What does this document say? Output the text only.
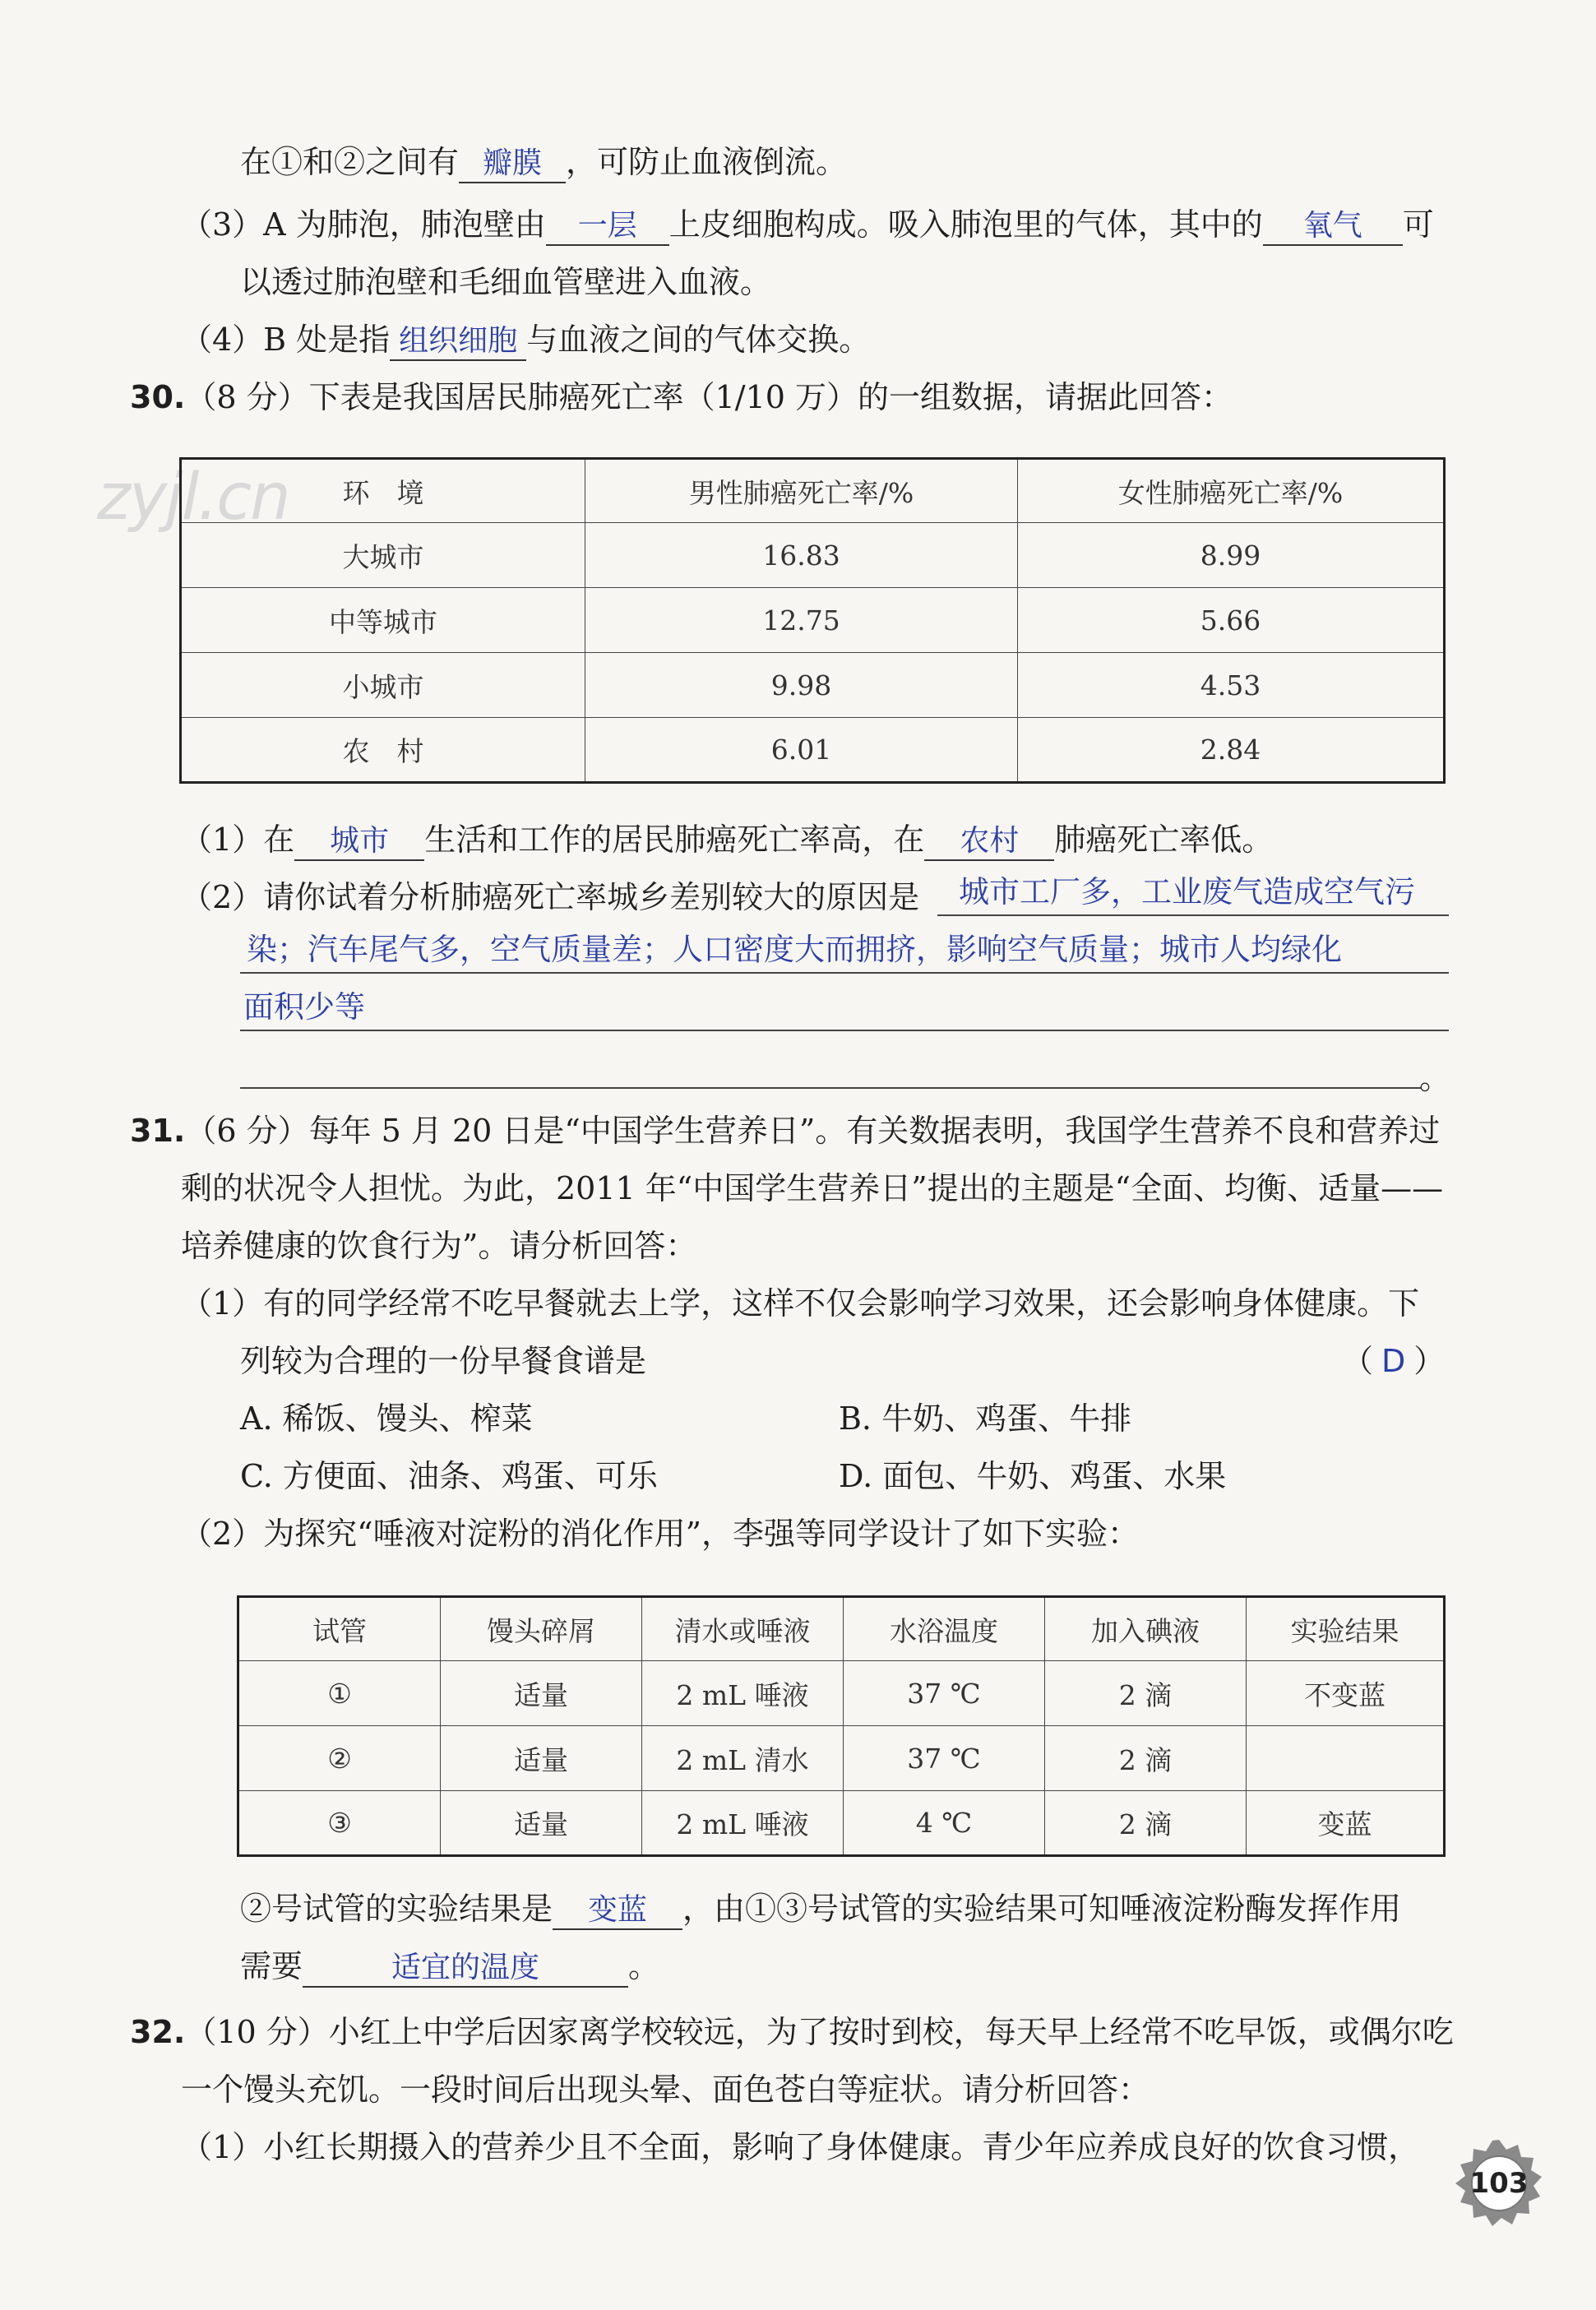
zyjl.cn
在①和②之间有 瓣膜 ，可防止血液倒流。
（3）A 为肺泡，肺泡壁由 一层 上皮细胞构成。吸入肺泡里的气体，其中的 氧气 可
以透过肺泡壁和毛细血管壁进入血液。
（4）B 处是指 组织细胞 与血液之间的气体交换。
30.（8 分）下表是我国居民肺癌死亡率（1/10 万）的一组数据，请据此回答：
环　境	男性肺癌死亡率/%	女性肺癌死亡率/%
大城市	16.83	8.99
中等城市	12.75	5.66
小城市	9.98	4.53
农　村	6.01	2.84
（1）在 城市 生活和工作的居民肺癌死亡率高，在 农村 肺癌死亡率低。
（2）请你试着分析肺癌死亡率城乡差别较大的原因是 城市工厂多，工业废气造成空气污
染；汽车尾气多，空气质量差；人口密度大而拥挤，影响空气质量；城市人均绿化
面积少等
。
31.（6 分）每年 5 月 20 日是“中国学生营养日”。有关数据表明，我国学生营养不良和营养过
剩的状况令人担忧。为此，2011 年“中国学生营养日”提出的主题是“全面、均衡、适量——
培养健康的饮食行为”。请分析回答：
（1）有的同学经常不吃早餐就去上学，这样不仅会影响学习效果，还会影响身体健康。下
列较为合理的一份早餐食谱是	（ D ）
A. 稀饭、馒头、榨菜	B. 牛奶、鸡蛋、牛排
C. 方便面、油条、鸡蛋、可乐	D. 面包、牛奶、鸡蛋、水果
（2）为探究“唾液对淀粉的消化作用”，李强等同学设计了如下实验：
试管	馒头碎屑	清水或唾液	水浴温度	加入碘液	实验结果
①	适量	2 mL 唾液	37 ℃	2 滴	不变蓝
②	适量	2 mL 清水	37 ℃	2 滴	
③	适量	2 mL 唾液	4 ℃	2 滴	变蓝
②号试管的实验结果是 变蓝 ，由①③号试管的实验结果可知唾液淀粉酶发挥作用
需要	适宜的温度	。
32.（10 分）小红上中学后因家离学校较远，为了按时到校，每天早上经常不吃早饭，或偶尔吃
一个馒头充饥。一段时间后出现头晕、面色苍白等症状。请分析回答：
（1）小红长期摄入的营养少且不全面，影响了身体健康。青少年应养成良好的饮食习惯，
103
